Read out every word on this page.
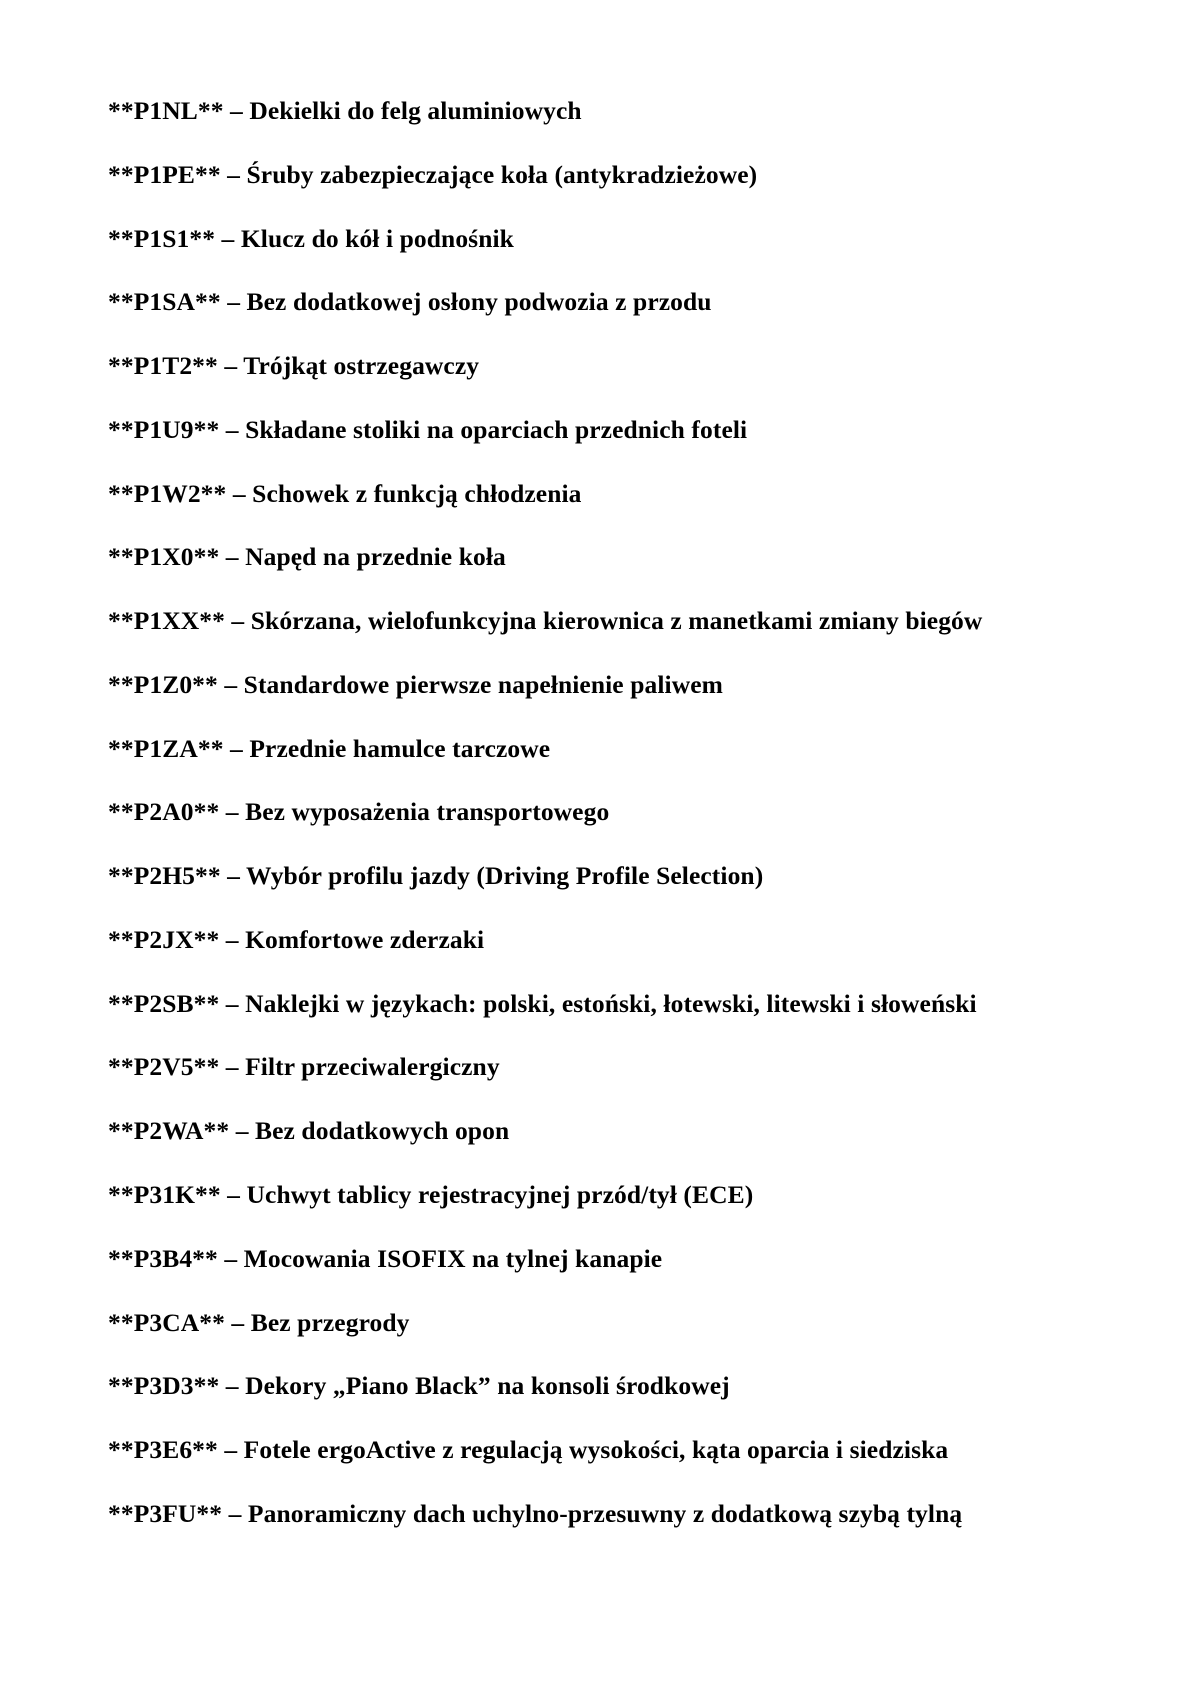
**P1NL** – Dekielki do felg aluminiowych
**P1PE** – Śruby zabezpieczające koła (antykradzieżowe)
**P1S1** – Klucz do kół i podnośnik
**P1SA** – Bez dodatkowej osłony podwozia z przodu
**P1T2** – Trójkąt ostrzegawczy
**P1U9** – Składane stoliki na oparciach przednich foteli
**P1W2** – Schowek z funkcją chłodzenia
**P1X0** – Napęd na przednie koła
**P1XX** – Skórzana, wielofunkcyjna kierownica z manetkami zmiany biegów
**P1Z0** – Standardowe pierwsze napełnienie paliwem
**P1ZA** – Przednie hamulce tarczowe
**P2A0** – Bez wyposażenia transportowego
**P2H5** – Wybór profilu jazdy (Driving Profile Selection)
**P2JX** – Komfortowe zderzaki
**P2SB** – Naklejki w językach: polski, estoński, łotewski, litewski i słoweński
**P2V5** – Filtr przeciwalergiczny
**P2WA** – Bez dodatkowych opon
**P31K** – Uchwyt tablicy rejestracyjnej przód/tył (ECE)
**P3B4** – Mocowania ISOFIX na tylnej kanapie
**P3CA** – Bez przegrody
**P3D3** – Dekory „Piano Black” na konsoli środkowej
**P3E6** – Fotele ergoActive z regulacją wysokości, kąta oparcia i siedziska
**P3FU** – Panoramiczny dach uchylno-przesuwny z dodatkową szybą tylną
